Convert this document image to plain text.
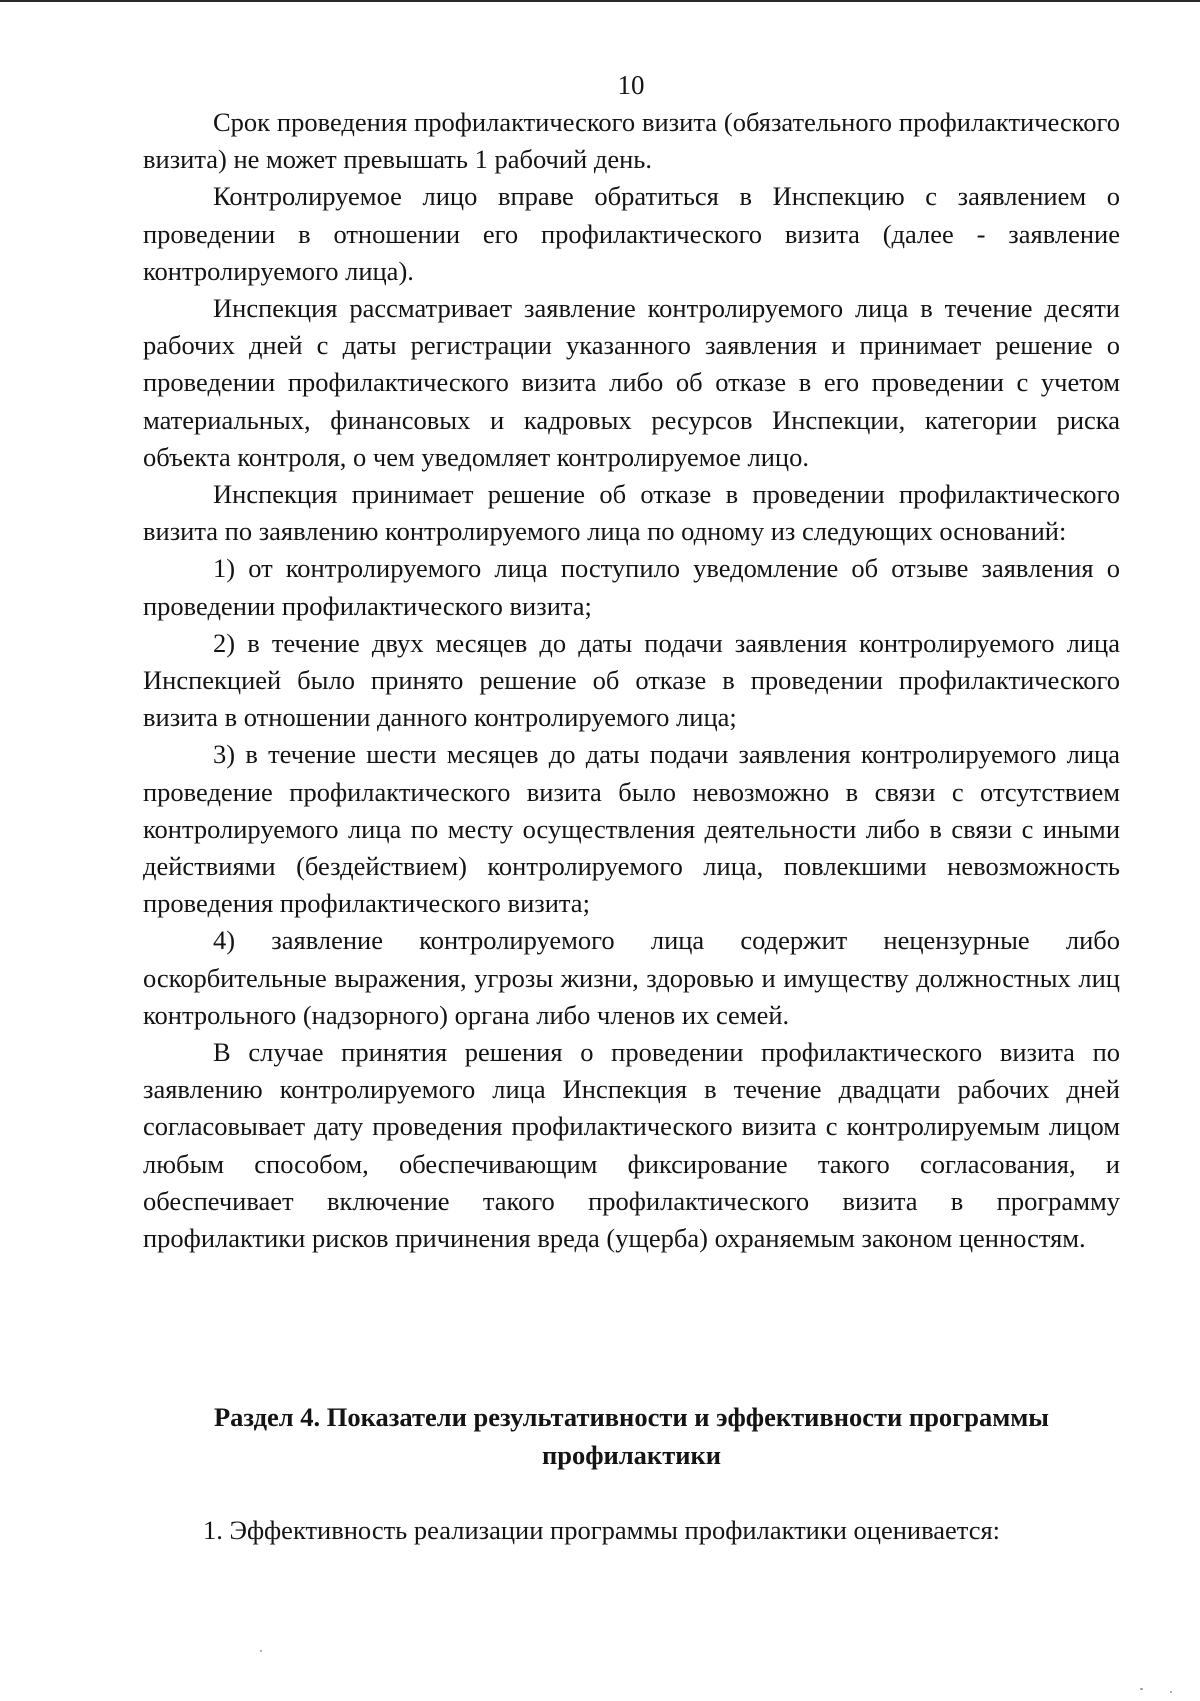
10

Срок проведения профилактического визита (обязательного профилактического визита) не может превышать 1 рабочий день.

Контролируемое лицо вправе обратиться в Инспекцию с заявлением о проведении в отношении его профилактического визита (далее - заявление контролируемого лица).

Инспекция рассматривает заявление контролируемого лица в течение десяти рабочих дней с даты регистрации указанного заявления и принимает решение о проведении профилактического визита либо об отказе в его проведении с учетом материальных, финансовых и кадровых ресурсов Инспекции, категории риска объекта контроля, о чем уведомляет контролируемое лицо.

Инспекция принимает решение об отказе в проведении профилактического визита по заявлению контролируемого лица по одному из следующих оснований:

1) от контролируемого лица поступило уведомление об отзыве заявления о проведении профилактического визита;

2) в течение двух месяцев до даты подачи заявления контролируемого лица Инспекцией было принято решение об отказе в проведении профилактического визита в отношении данного контролируемого лица;

3) в течение шести месяцев до даты подачи заявления контролируемого лица проведение профилактического визита было невозможно в связи с отсутствием контролируемого лица по месту осуществления деятельности либо в связи с иными действиями (бездействием) контролируемого лица, повлекшими невозможность проведения профилактического визита;

4) заявление контролируемого лица содержит нецензурные либо оскорбительные выражения, угрозы жизни, здоровью и имуществу должностных лиц контрольного (надзорного) органа либо членов их семей.

В случае принятия решения о проведении профилактического визита по заявлению контролируемого лица Инспекция в течение двадцати рабочих дней согласовывает дату проведения профилактического визита с контролируемым лицом любым способом, обеспечивающим фиксирование такого согласования, и обеспечивает включение такого профилактического визита в программу профилактики рисков причинения вреда (ущерба) охраняемым законом ценностям.

Раздел 4. Показатели результативности и эффективности программы
профилактики

1. Эффективность реализации программы профилактики оценивается:
